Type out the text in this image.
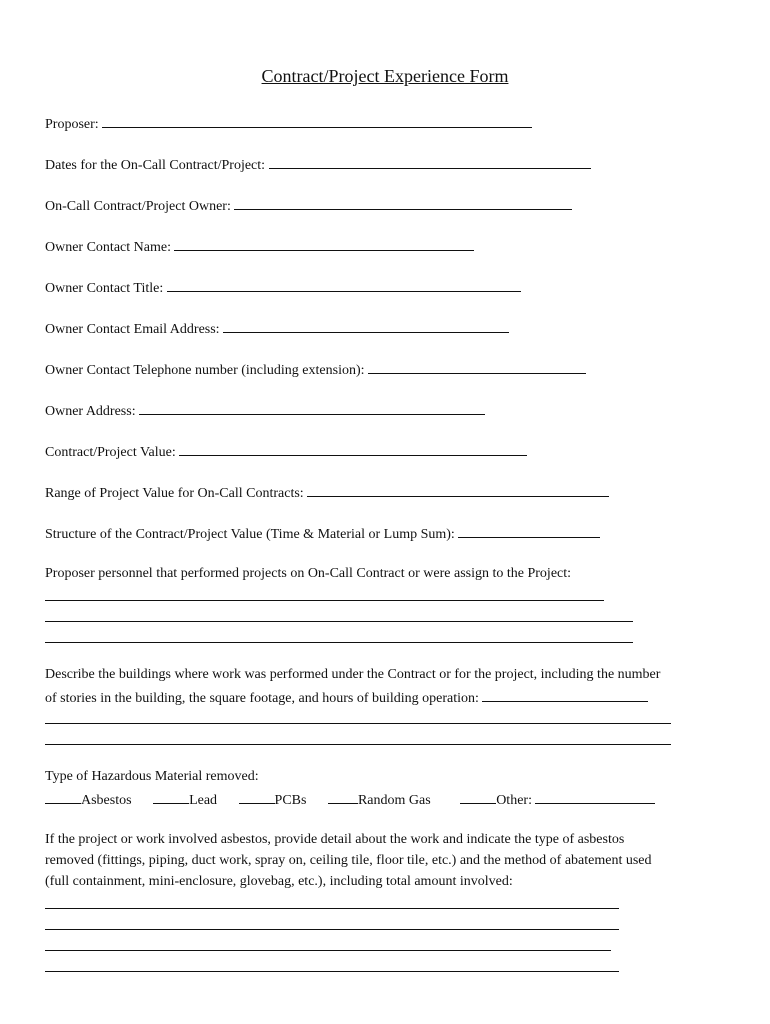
Contract/Project Experience Form
Proposer:
Dates for the On-Call Contract/Project:
On-Call Contract/Project Owner:
Owner Contact Name:
Owner Contact Title:
Owner Contact Email Address:
Owner Contact Telephone number (including extension):
Owner Address:
Contract/Project Value:
Range of Project Value for On-Call Contracts:
Structure of the Contract/Project Value (Time & Material or Lump Sum):
Proposer personnel that performed projects on On-Call Contract or were assign to the Project:
Describe the buildings where work was performed under the Contract or for the project, including the number
of stories in the building, the square footage, and hours of building operation:
Type of Hazardous Material removed:
Asbestos	Lead	PCBs	Random Gas	Other:
If the project or work involved asbestos, provide detail about the work and indicate the type of asbestos
removed (fittings, piping, duct work, spray on, ceiling tile, floor tile, etc.) and the method of abatement used
(full containment, mini-enclosure, glovebag, etc.), including total amount involved:
